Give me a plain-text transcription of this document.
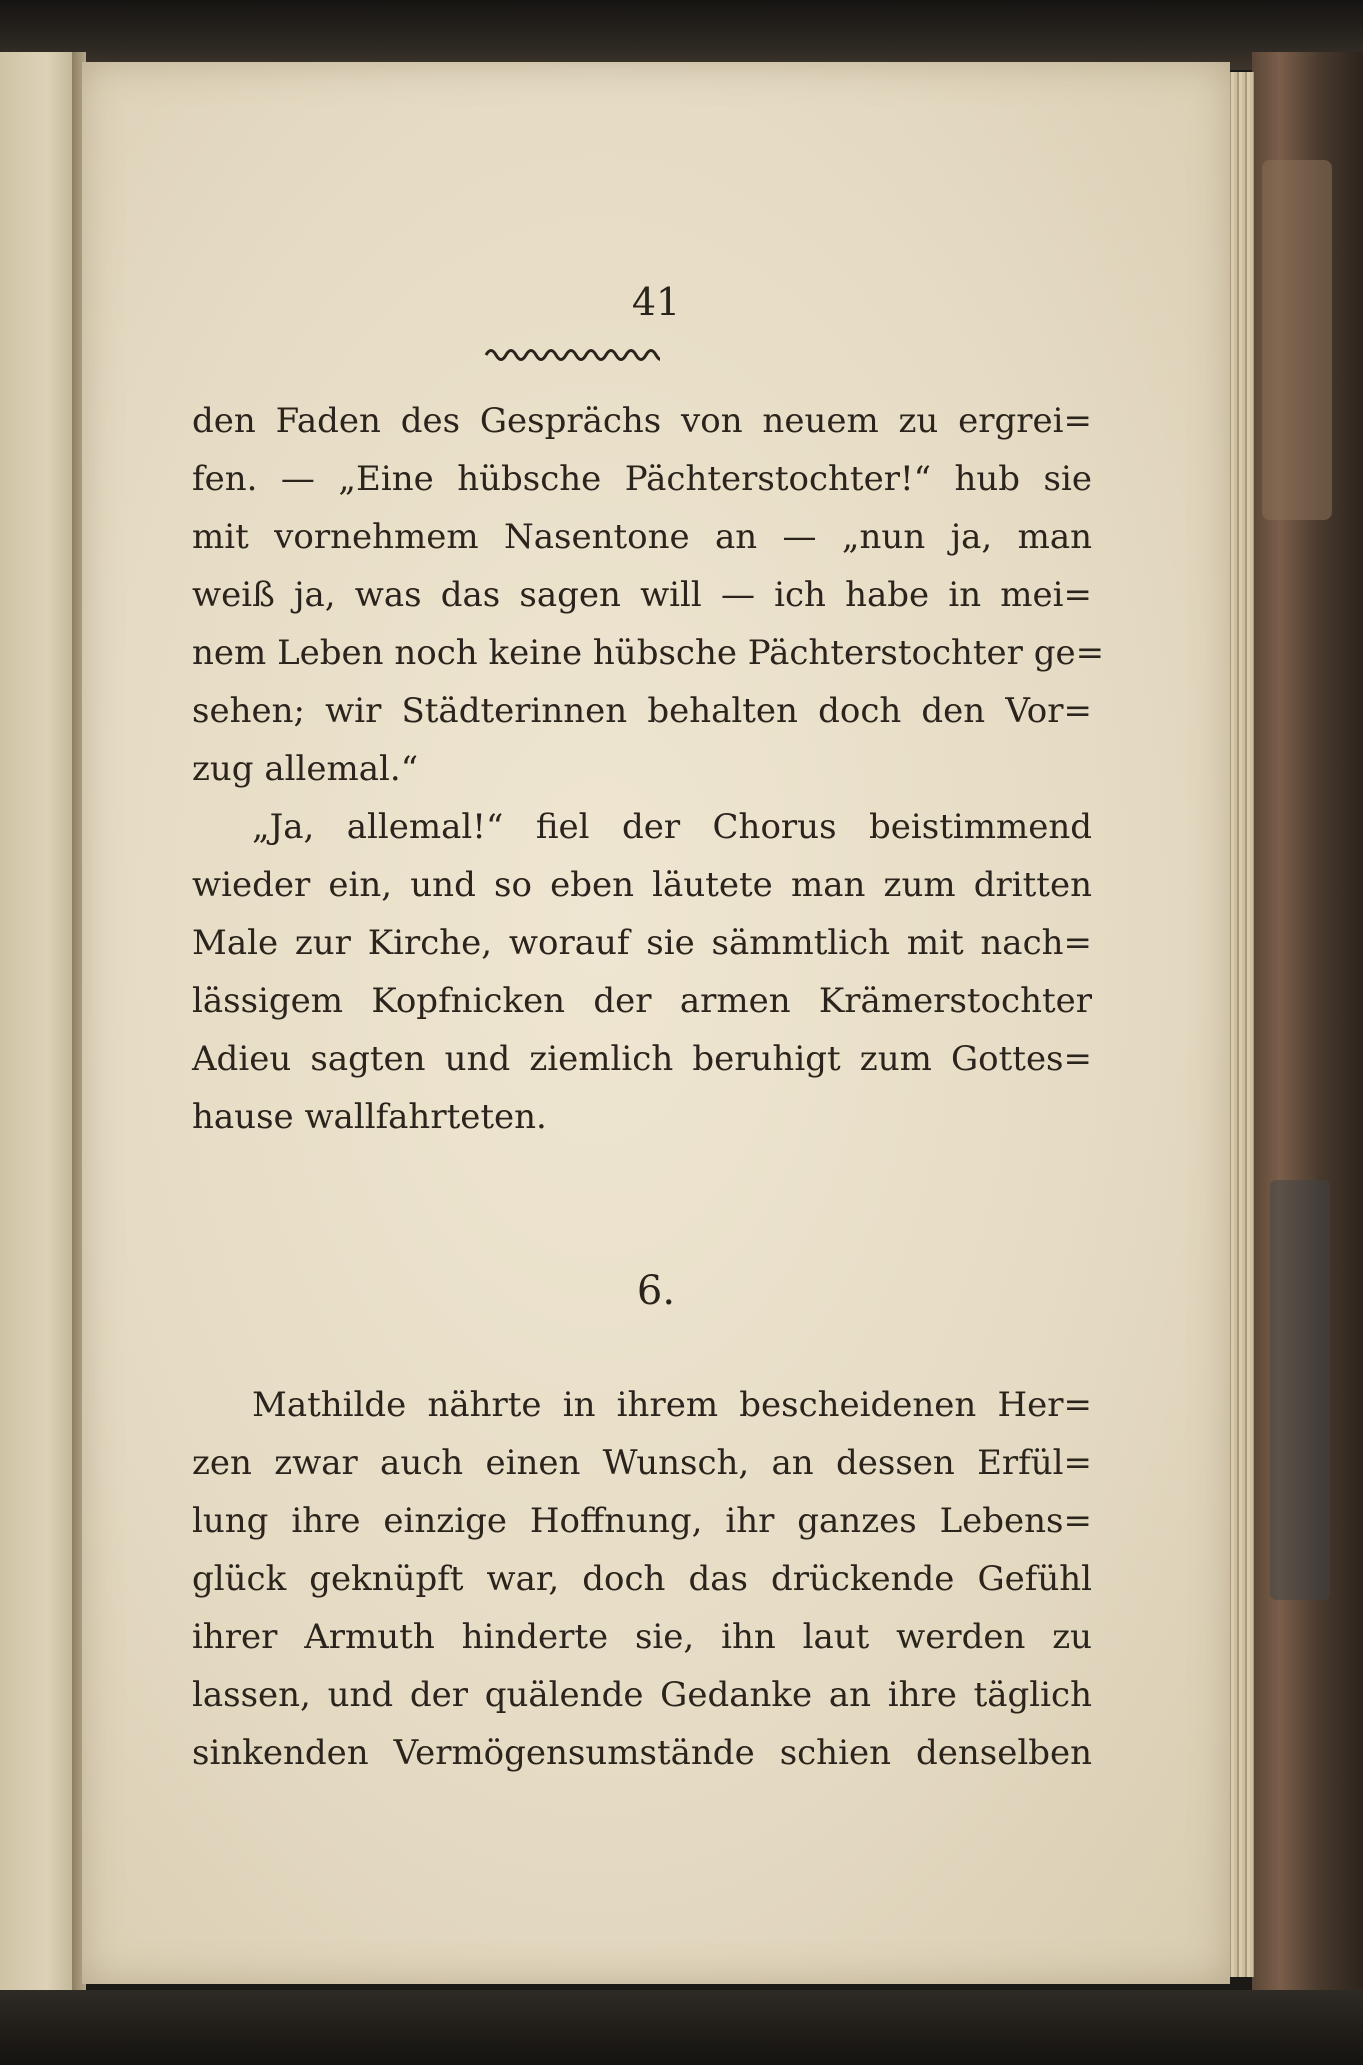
41

den Faden des Gesprächs von neuem zu ergrei=
fen. — „Eine hübsche Pächterstochter!“ hub sie
mit vornehmem Nasentone an — „nun ja, man
weiß ja, was das sagen will — ich habe in mei=
nem Leben noch keine hübsche Pächterstochter ge=
sehen; wir Städterinnen behalten doch den Vor=
zug allemal.“
„Ja, allemal!“ fiel der Chorus beistimmend
wieder ein, und so eben läutete man zum dritten
Male zur Kirche, worauf sie sämmtlich mit nach=
lässigem Kopfnicken der armen Krämerstochter
Adieu sagten und ziemlich beruhigt zum Gottes=
hause wallfahrteten.

6.

Mathilde nährte in ihrem bescheidenen Her=
zen zwar auch einen Wunsch, an dessen Erfül=
lung ihre einzige Hoffnung, ihr ganzes Lebens=
glück geknüpft war, doch das drückende Gefühl
ihrer Armuth hinderte sie, ihn laut werden zu
lassen, und der quälende Gedanke an ihre täglich
sinkenden Vermögensumstände schien denselben
